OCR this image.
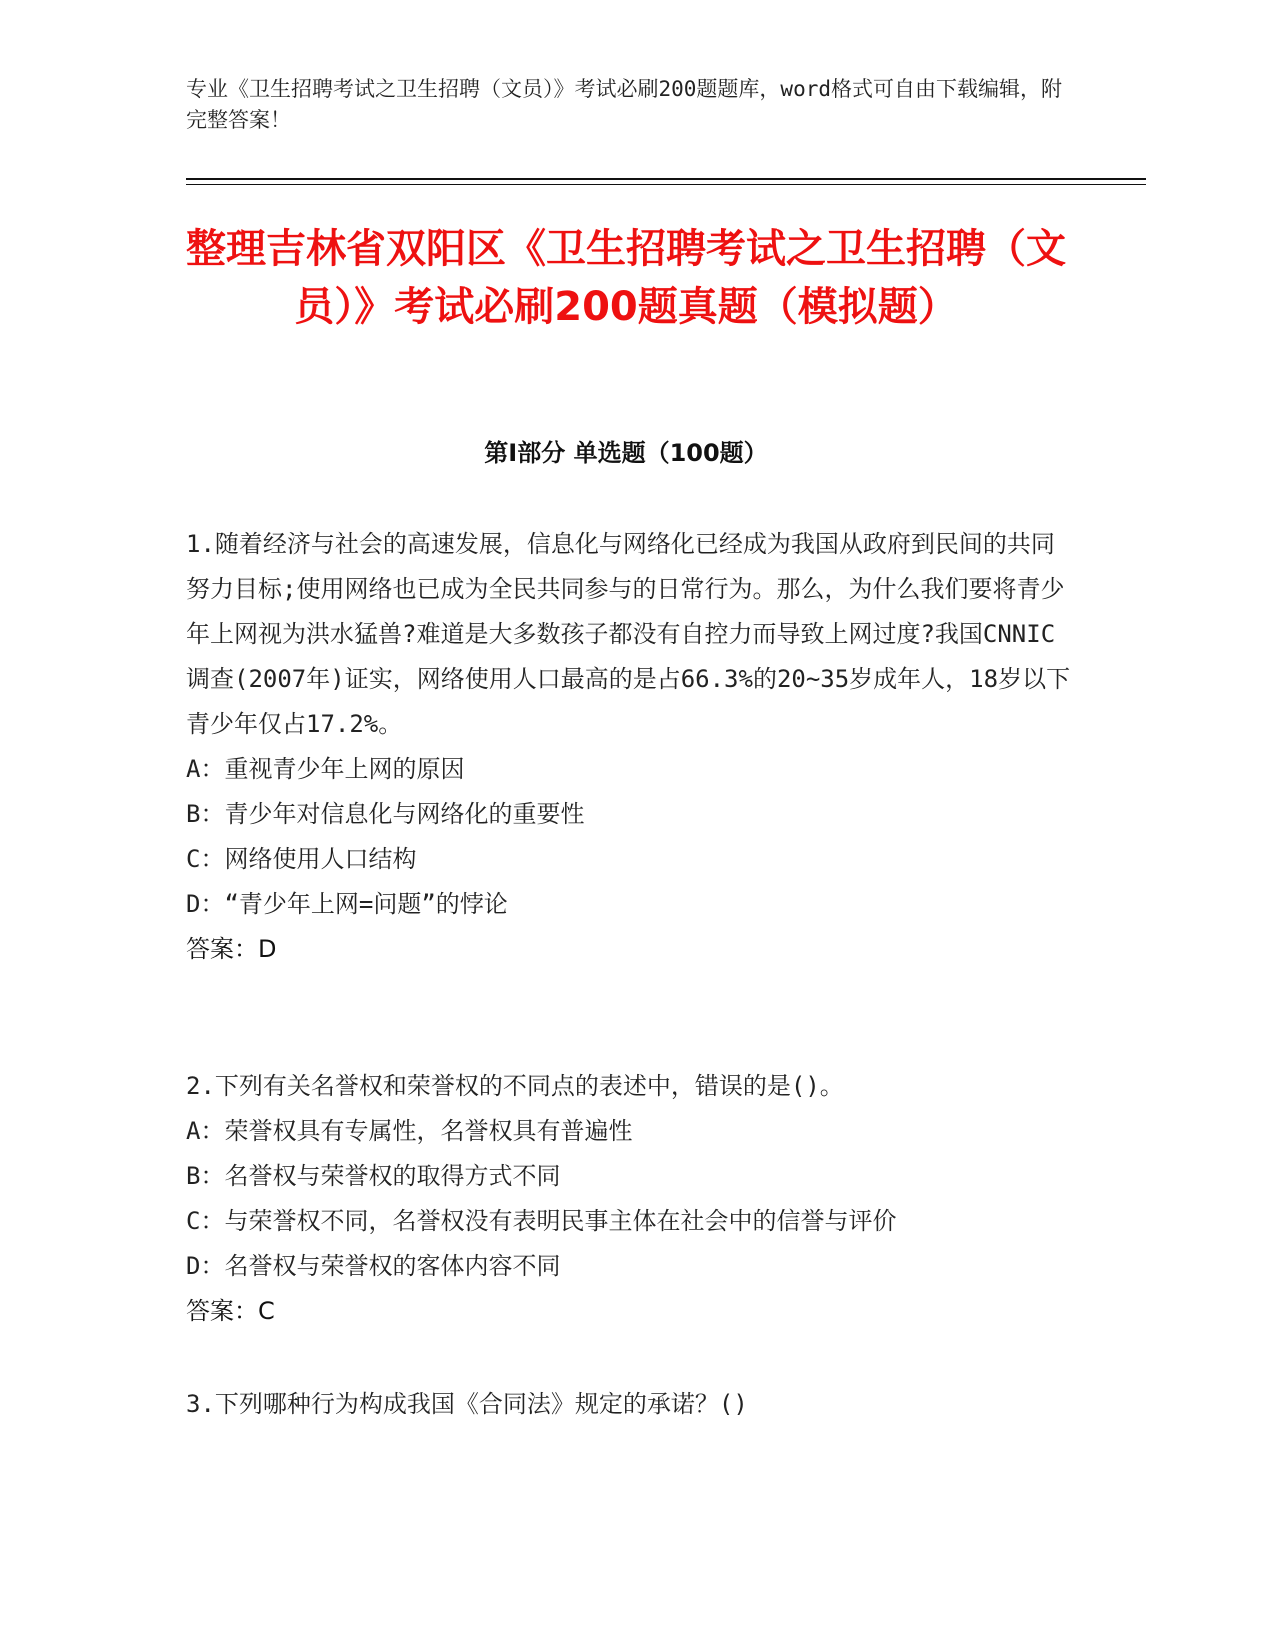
专业《卫生招聘考试之卫生招聘（文员）》考试必刷200题题库，word格式可自由下载编辑，附完整答案！
整理吉林省双阳区《卫生招聘考试之卫生招聘（文员）》考试必刷200题真题（模拟题）
第I部分 单选题（100题）
1.随着经济与社会的高速发展，信息化与网络化已经成为我国从政府到民间的共同努力目标;使用网络也已成为全民共同参与的日常行为。那么，为什么我们要将青少年上网视为洪水猛兽?难道是大多数孩子都没有自控力而导致上网过度?我国CNNIC调查(2007年)证实，网络使用人口最高的是占66.3%的20~35岁成年人，18岁以下青少年仅占17.2%。
A：重视青少年上网的原因
B：青少年对信息化与网络化的重要性
C：网络使用人口结构
D：“青少年上网=问题”的悖论
答案：D
2.下列有关名誉权和荣誉权的不同点的表述中，错误的是()。
A：荣誉权具有专属性，名誉权具有普遍性
B：名誉权与荣誉权的取得方式不同
C：与荣誉权不同，名誉权没有表明民事主体在社会中的信誉与评价
D：名誉权与荣誉权的客体内容不同
答案：C
3.下列哪种行为构成我国《合同法》规定的承诺？()
